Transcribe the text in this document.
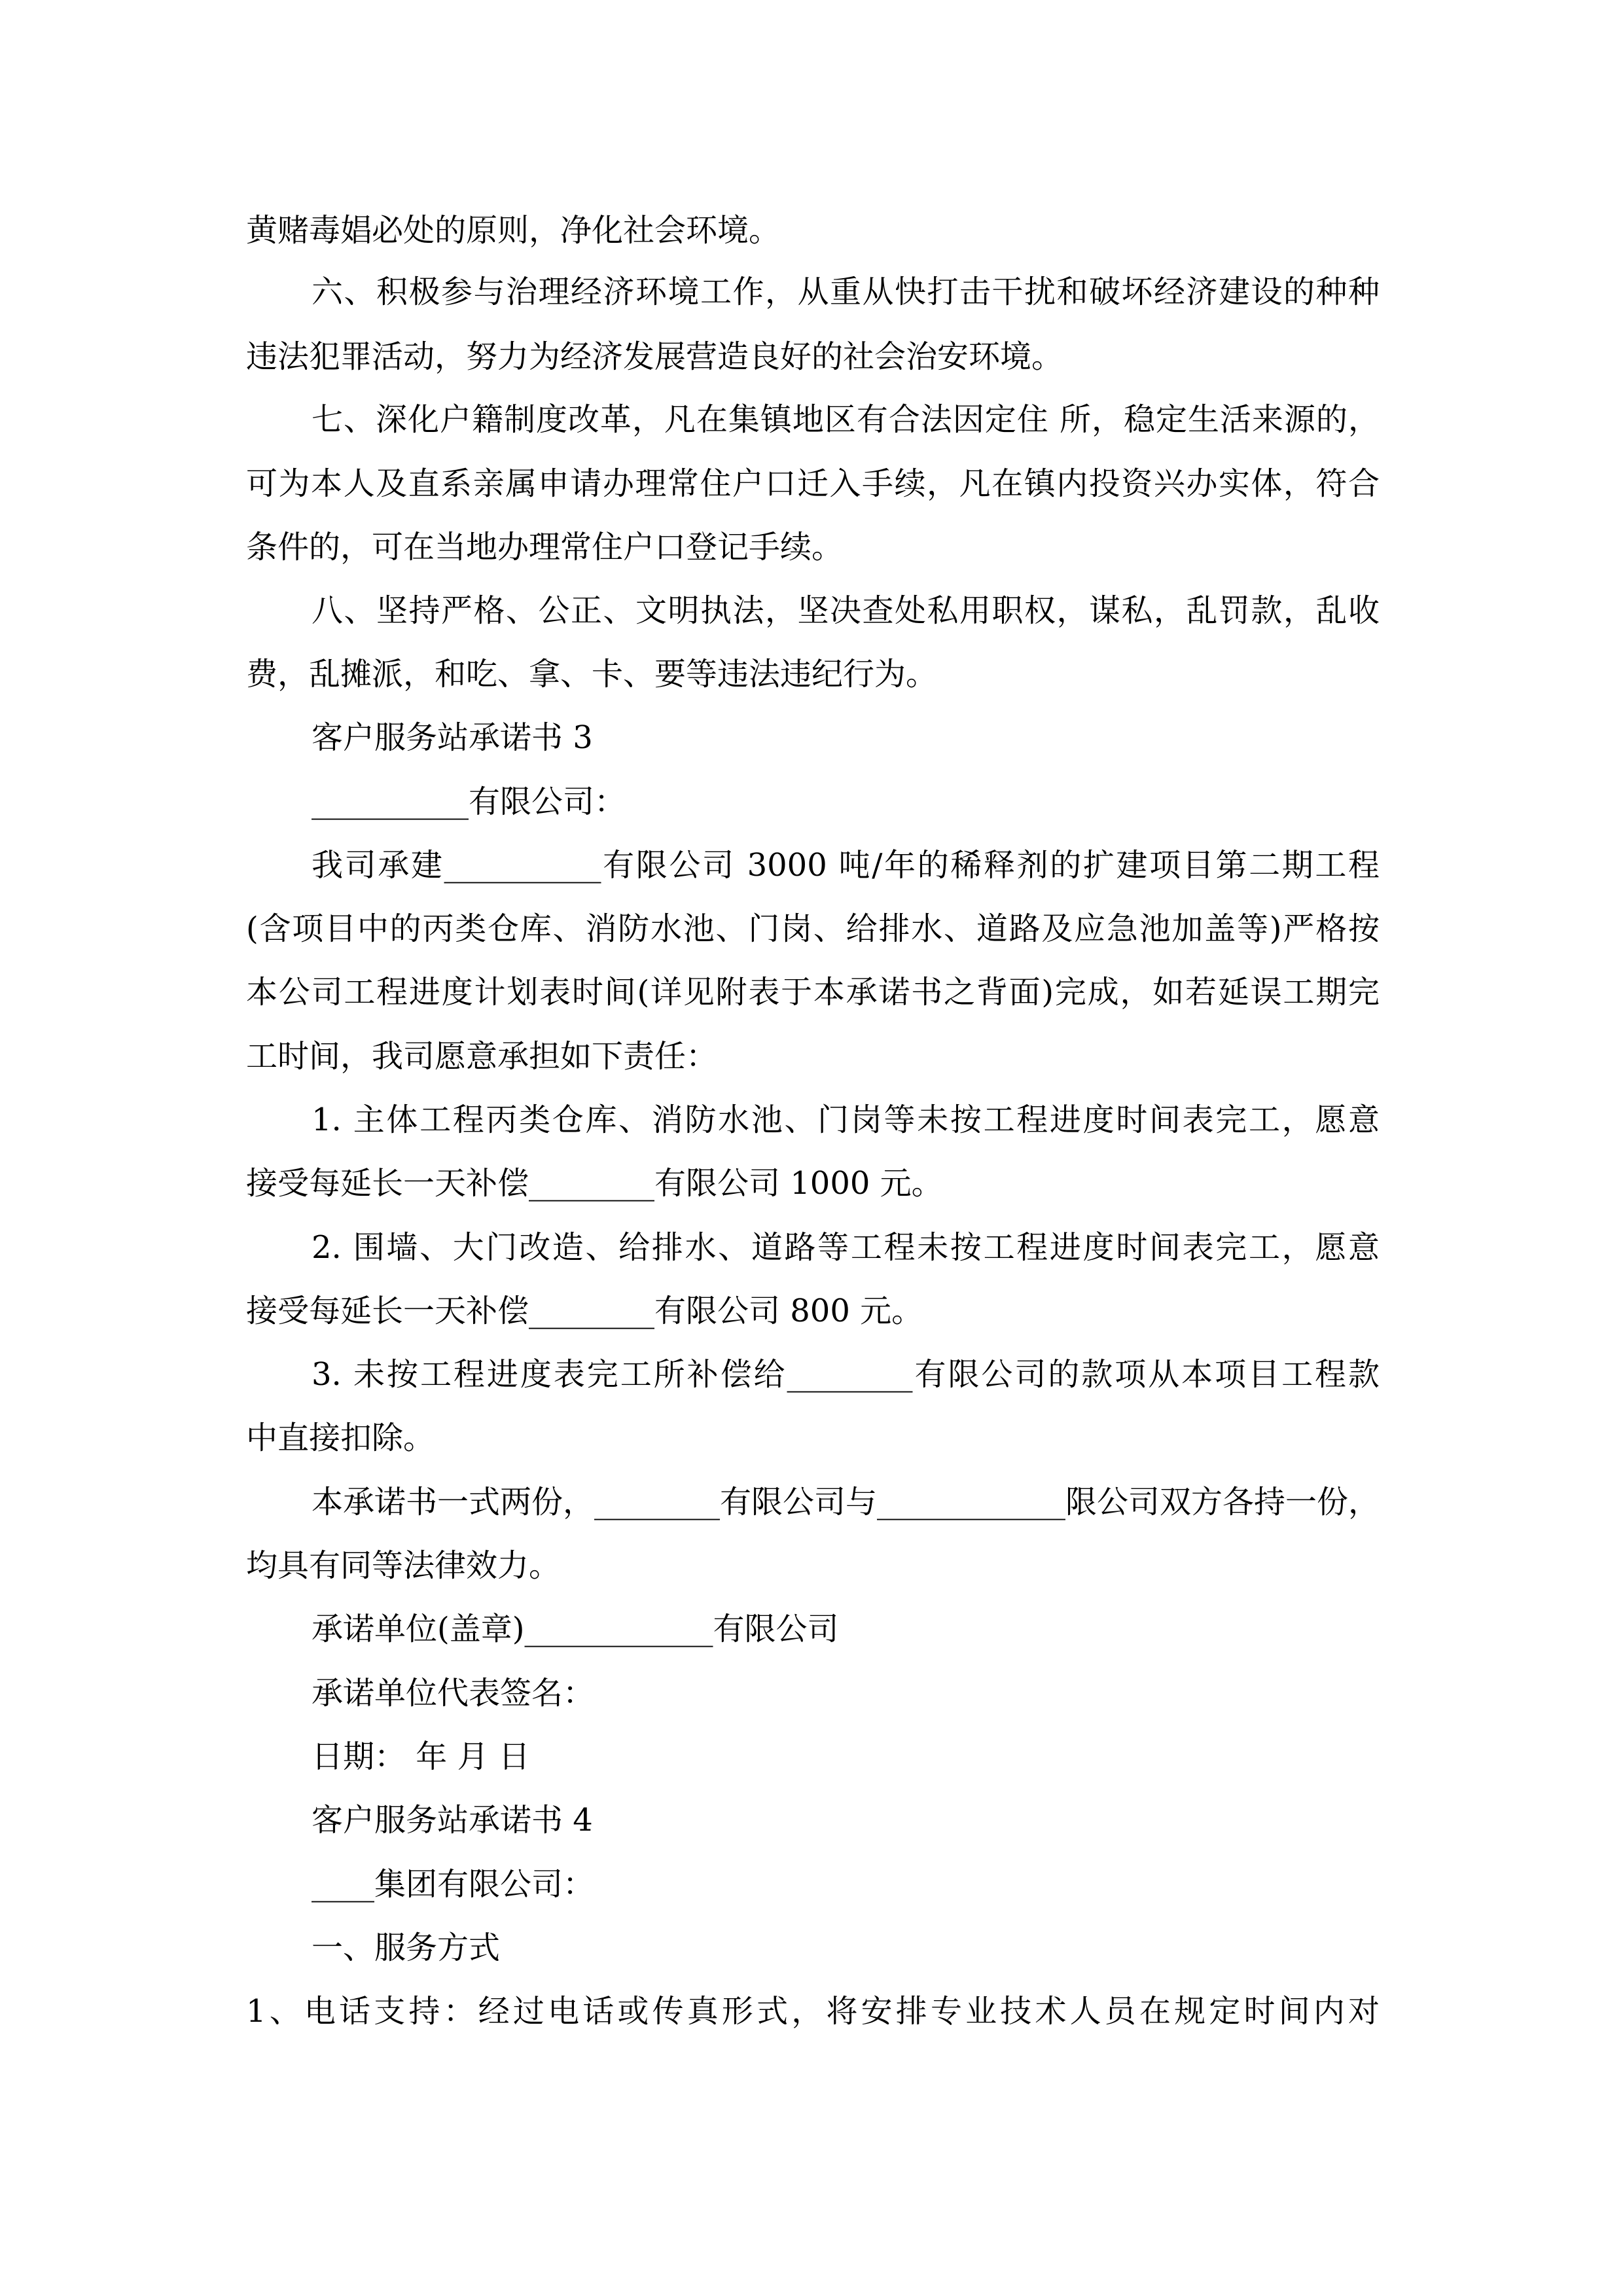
黄赌毒娼必处的原则，净化社会环境。
六、积极参与治理经济环境工作，从重从快打击干扰和破坏经济建设的种种
违法犯罪活动，努力为经济发展营造良好的社会治安环境。
七、深化户籍制度改革，凡在集镇地区有合法因定住 所，稳定生活来源的，
可为本人及直系亲属申请办理常住户口迁入手续，凡在镇内投资兴办实体，符合
条件的，可在当地办理常住户口登记手续。
八、坚持严格、公正、文明执法，坚决查处私用职权，谋私，乱罚款，乱收
费，乱摊派，和吃、拿、卡、要等违法违纪行为。
客户服务站承诺书 3
__________有限公司：
我司承建__________有限公司 3000 吨/年的稀释剂的扩建项目第二期工程
(含项目中的丙类仓库、消防水池、门岗、给排水、道路及应急池加盖等)严格按
本公司工程进度计划表时间(详见附表于本承诺书之背面)完成，如若延误工期完
工时间，我司愿意承担如下责任：
1. 主体工程丙类仓库、消防水池、门岗等未按工程进度时间表完工，愿意
接受每延长一天补偿________有限公司 1000 元。
2. 围墙、大门改造、给排水、道路等工程未按工程进度时间表完工，愿意
接受每延长一天补偿________有限公司 800 元。
3. 未按工程进度表完工所补偿给________有限公司的款项从本项目工程款
中直接扣除。
本承诺书一式两份，________有限公司与____________限公司双方各持一份，
均具有同等法律效力。
承诺单位(盖章)____________有限公司
承诺单位代表签名：
日期： 年 月 日
客户服务站承诺书 4
____集团有限公司：
一、服务方式
1、电话支持：经过电话或传真形式，将安排专业技术人员在规定时间内对
